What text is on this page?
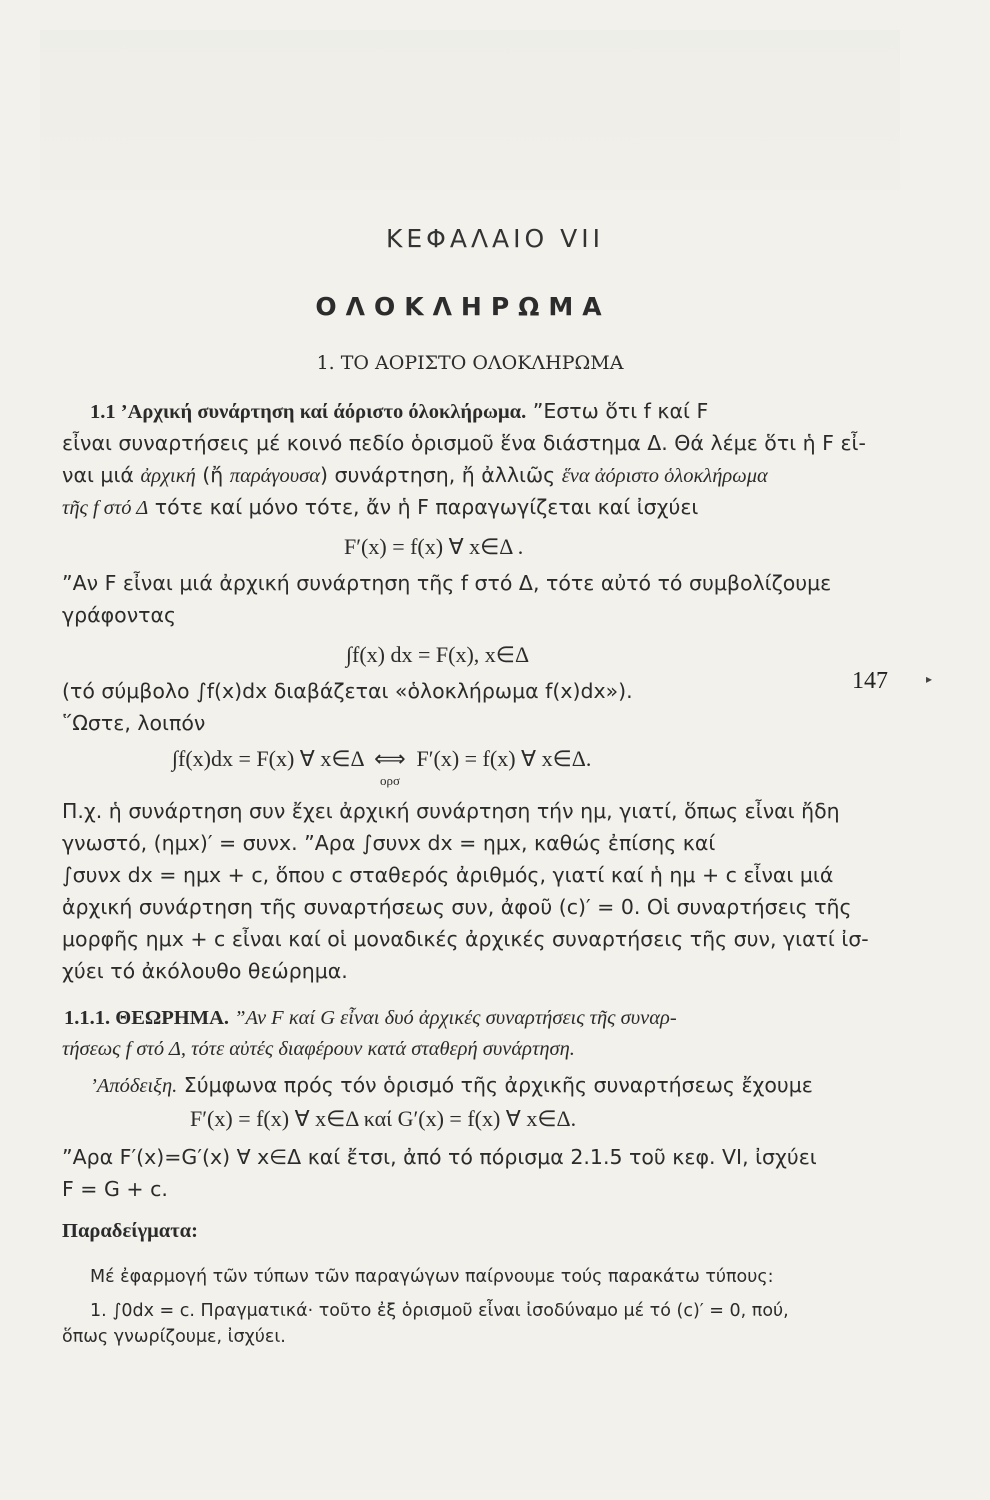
ΚΕΦΑΛΑΙΟ VII
ΟΛΟΚΛΗΡΩΜΑ
1. ΤΟ ΑΟΡΙΣΤΟ ΟΛΟΚΛΗΡΩΜΑ
1.1 ’Αρχική συνάρτηση καί άόριστο όλοκλήρωμα. ”Εστω ὅτι f καί F
εἶναι συναρτήσεις μέ κοινό πεδίο ὁρισμοῦ ἕνα διάστημα Δ. Θά λέμε ὅτι ἡ F εἶ-
ναι μιά ἀρχική (ἤ παράγουσα) συνάρτηση, ἤ ἀλλιῶς ἕνα ἀόριστο ὁλοκλήρωμα
τῆς f στό Δ τότε καί μόνο τότε, ἄν ἡ F παραγωγίζεται καί ἰσχύει
F′(x) = f(x) ∀ x∈Δ .
”Αν F εἶναι μιά ἀρχική συνάρτηση τῆς f στό Δ, τότε αὐτό τό συμβολίζουμε
γράφοντας
∫f(x) dx = F(x), x∈Δ
(τό σύμβολο ∫f(x)dx διαβάζεται «ὁλοκλήρωμα f(x)dx»).
῞Ωστε, λοιπόν
∫f(x)dx = F(x) ∀ x∈Δ ⟺
ορσ
F′(x) = f(x) ∀ x∈Δ.
Π.χ. ἡ συνάρτηση συν ἔχει ἀρχική συνάρτηση τήν ημ, γιατί, ὅπως εἶναι ἤδη
γνωστό, (ημx)′ = συνx. ”Αρα ∫συνx dx = ημx, καθώς ἐπίσης καί
∫συνx dx = ημx + c, ὅπου c σταθερός ἀριθμός, γιατί καί ἡ ημ + c εἶναι μιά
ἀρχική συνάρτηση τῆς συναρτήσεως συν, ἀφοῦ (c)′ = 0. Οἱ συναρτήσεις τῆς
μορφῆς ημx + c εἶναι καί οἱ μοναδικές ἀρχικές συναρτήσεις τῆς συν, γιατί ἰσ-
χύει τό ἀκόλουθο θεώρημα.
1.1.1. ΘΕΩΡΗΜΑ. ”Αν F καί G εἶναι δυό ἀρχικές συναρτήσεις τῆς συναρ-
τήσεως f στό Δ, τότε αὐτές διαφέρουν κατά σταθερή συνάρτηση.
’Απόδειξη. Σύμφωνα πρός τόν ὁρισμό τῆς ἀρχικῆς συναρτήσεως ἔχουμε
F′(x) = f(x) ∀ x∈Δ καί G′(x) = f(x) ∀ x∈Δ.
”Αρα F′(x)=G′(x) ∀ x∈Δ καί ἔτσι, ἀπό τό πόρισμα 2.1.5 τοῦ κεφ. VI, ἰσχύει
F = G + c.
Παραδείγματα:
Μέ ἐφαρμογή τῶν τύπων τῶν παραγώγων παίρνουμε τούς παρακάτω τύπους:
1. ∫0dx = c. Πραγματικά· τοῦτο ἐξ ὁρισμοῦ εἶναι ἰσοδύναμο μέ τό (c)′ = 0, πού,
ὅπως γνωρίζουμε, ἰσχύει.
147	▸
